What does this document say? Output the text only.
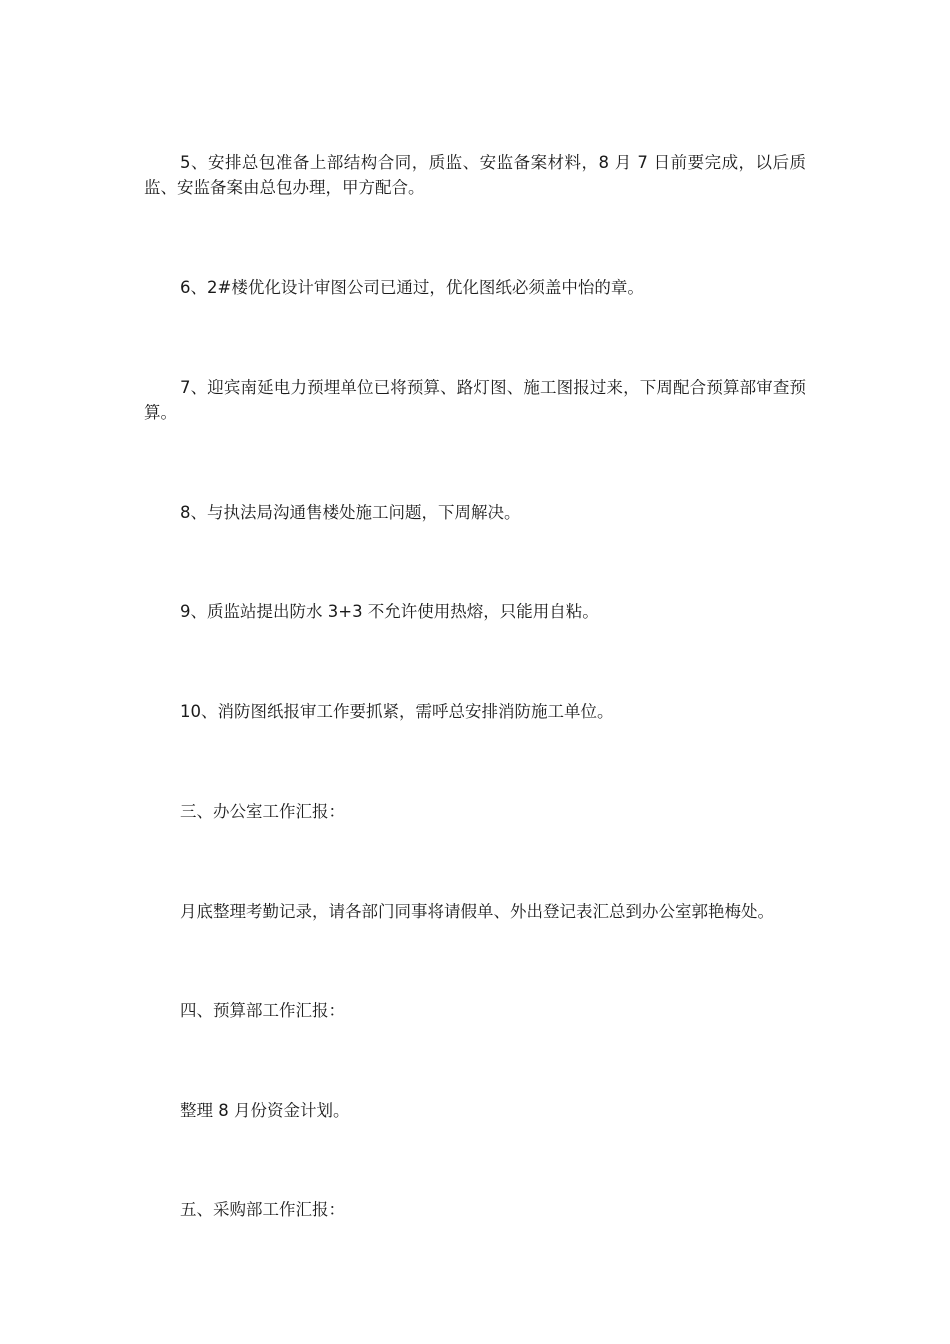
5、安排总包准备上部结构合同，质监、安监备案材料，8 月 7 日前要完成，以后质监、安监备案由总包办理，甲方配合。

6、2#楼优化设计审图公司已通过，优化图纸必须盖中怡的章。

7、迎宾南延电力预埋单位已将预算、路灯图、施工图报过来，下周配合预算部审查预算。

8、与执法局沟通售楼处施工问题，下周解决。

9、质监站提出防水 3+3 不允许使用热熔，只能用自粘。

10、消防图纸报审工作要抓紧，需呼总安排消防施工单位。

三、办公室工作汇报：

月底整理考勤记录，请各部门同事将请假单、外出登记表汇总到办公室郭艳梅处。

四、预算部工作汇报：

整理 8 月份资金计划。

五、采购部工作汇报：
